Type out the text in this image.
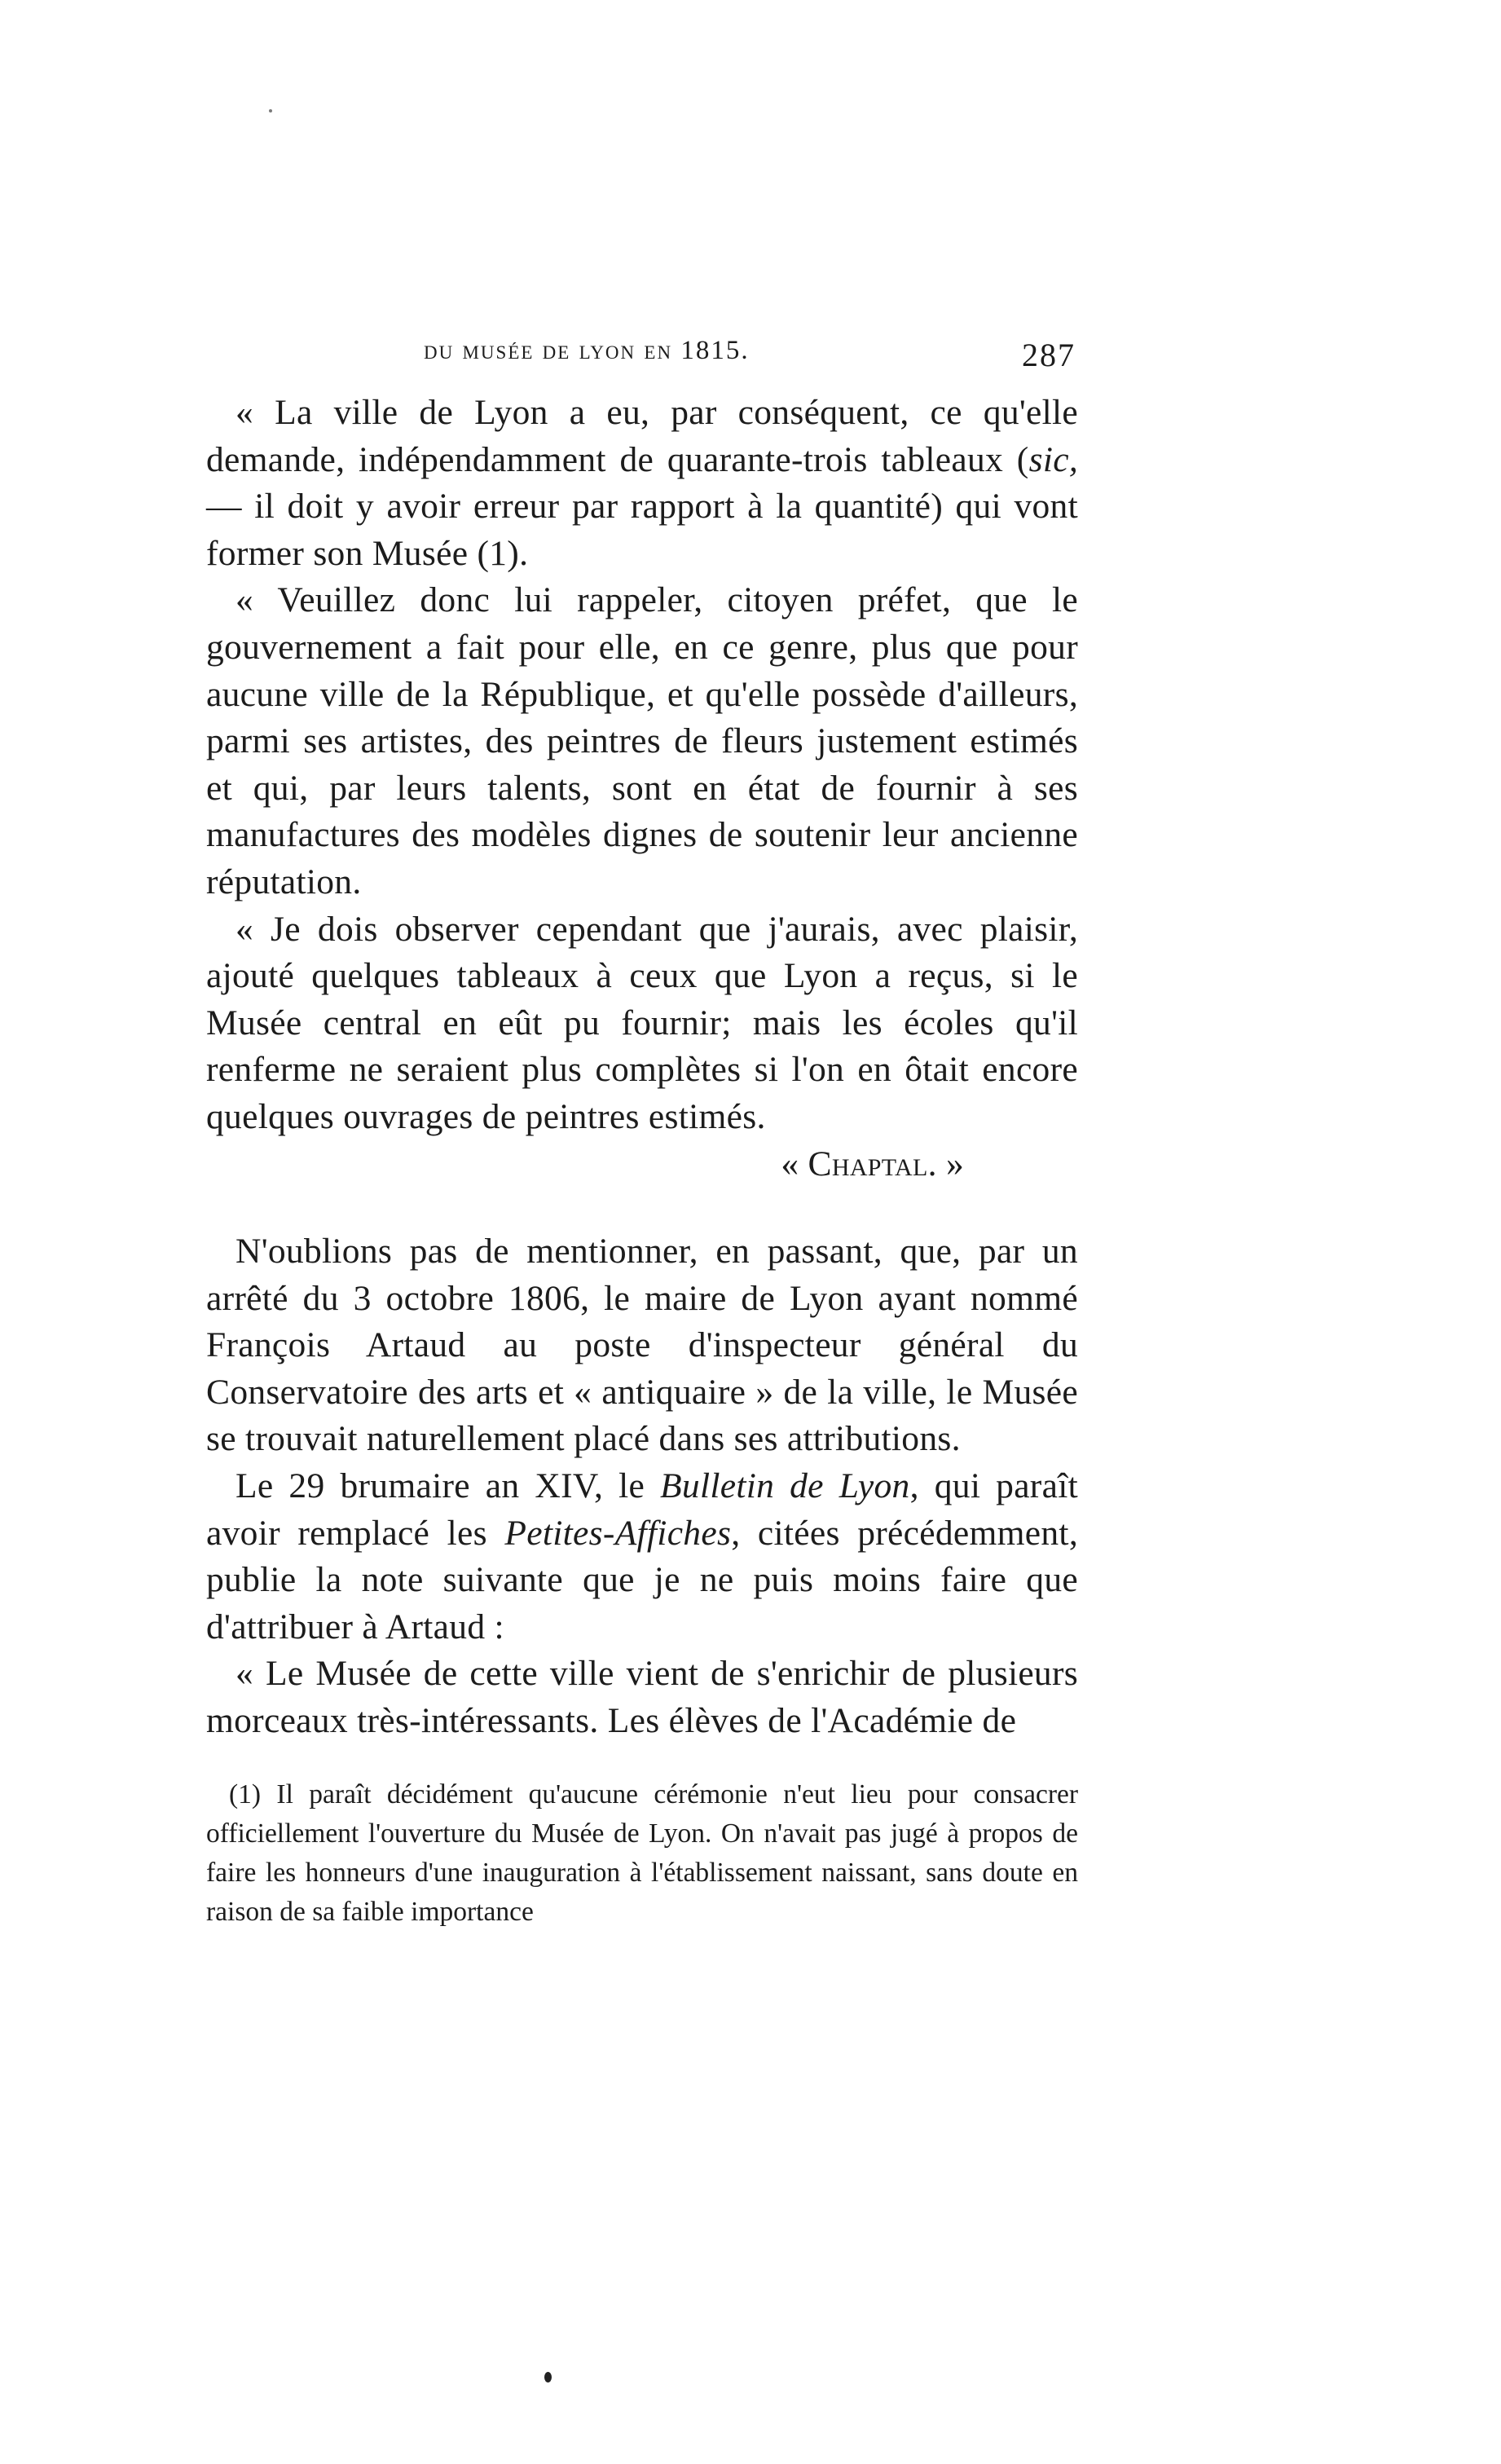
du musée de lyon en 1815.	287

« La ville de Lyon a eu, par conséquent, ce qu'elle demande, indépendamment de quarante-trois tableaux (sic, — il doit y avoir erreur par rapport à la quantité) qui vont former son Musée (1).

« Veuillez donc lui rappeler, citoyen préfet, que le gouvernement a fait pour elle, en ce genre, plus que pour aucune ville de la République, et qu'elle possède d'ailleurs, parmi ses artistes, des peintres de fleurs justement estimés et qui, par leurs talents, sont en état de fournir à ses manufactures des modèles dignes de soutenir leur ancienne réputation.

« Je dois observer cependant que j'aurais, avec plaisir, ajouté quelques tableaux à ceux que Lyon a reçus, si le Musée central en eût pu fournir; mais les écoles qu'il renferme ne seraient plus complètes si l'on en ôtait encore quelques ouvrages de peintres estimés.

« Chaptal. »

N'oublions pas de mentionner, en passant, que, par un arrêté du 3 octobre 1806, le maire de Lyon ayant nommé François Artaud au poste d'inspecteur général du Conservatoire des arts et « antiquaire » de la ville, le Musée se trouvait naturellement placé dans ses attributions.

Le 29 brumaire an XIV, le Bulletin de Lyon, qui paraît avoir remplacé les Petites-Affiches, citées précédemment, publie la note suivante que je ne puis moins faire que d'attribuer à Artaud :

« Le Musée de cette ville vient de s'enrichir de plusieurs morceaux très-intéressants. Les élèves de l'Académie de

(1) Il paraît décidément qu'aucune cérémonie n'eut lieu pour consacrer officiellement l'ouverture du Musée de Lyon. On n'avait pas jugé à propos de faire les honneurs d'une inauguration à l'établissement naissant, sans doute en raison de sa faible importance
